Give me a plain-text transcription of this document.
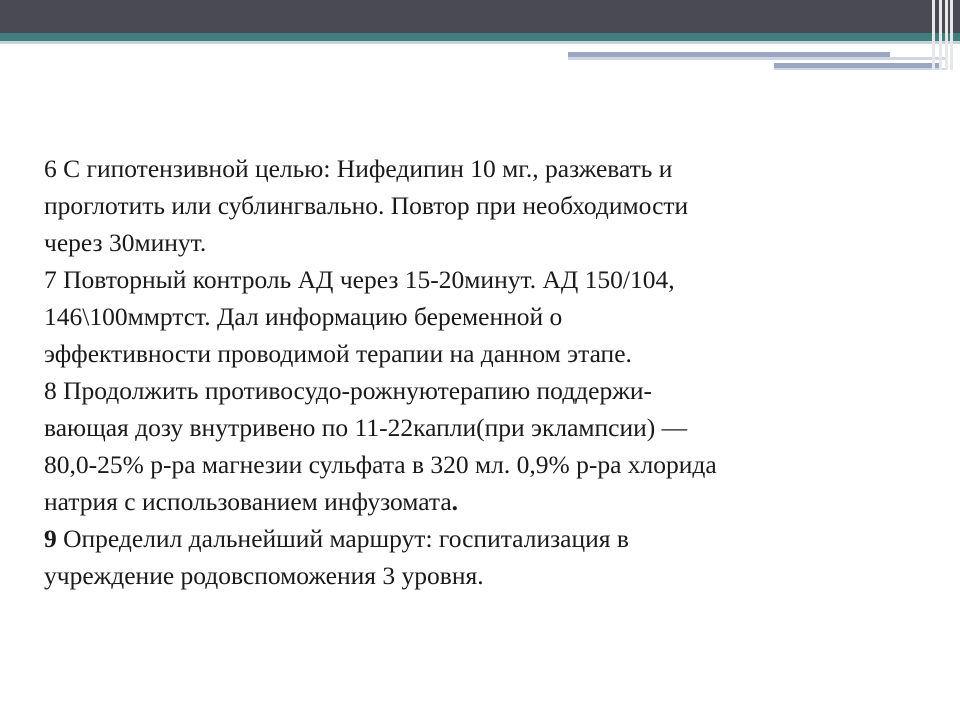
6 С гипотензивной целью: Нифедипин 10 мг., разжевать и

проглотить или сублингвально. Повтор при необходимости

через 30минут.

7 Повторный контроль АД через 15-20минут. АД 150/104,

146\100ммртст. Дал информацию беременной о

эффективности проводимой терапии на данном этапе.

8 Продолжить противосудо-рожнуютерапию поддержи-

вающая дозу внутривено по 11-22капли(при эклампсии) —

80,0-25% р-ра магнезии сульфата в 320 мл. 0,9% р-ра хлорида

натрия с использованием инфузомата.

9 Определил дальнейший маршрут: госпитализация в

учреждение родовспоможения 3 уровня.
